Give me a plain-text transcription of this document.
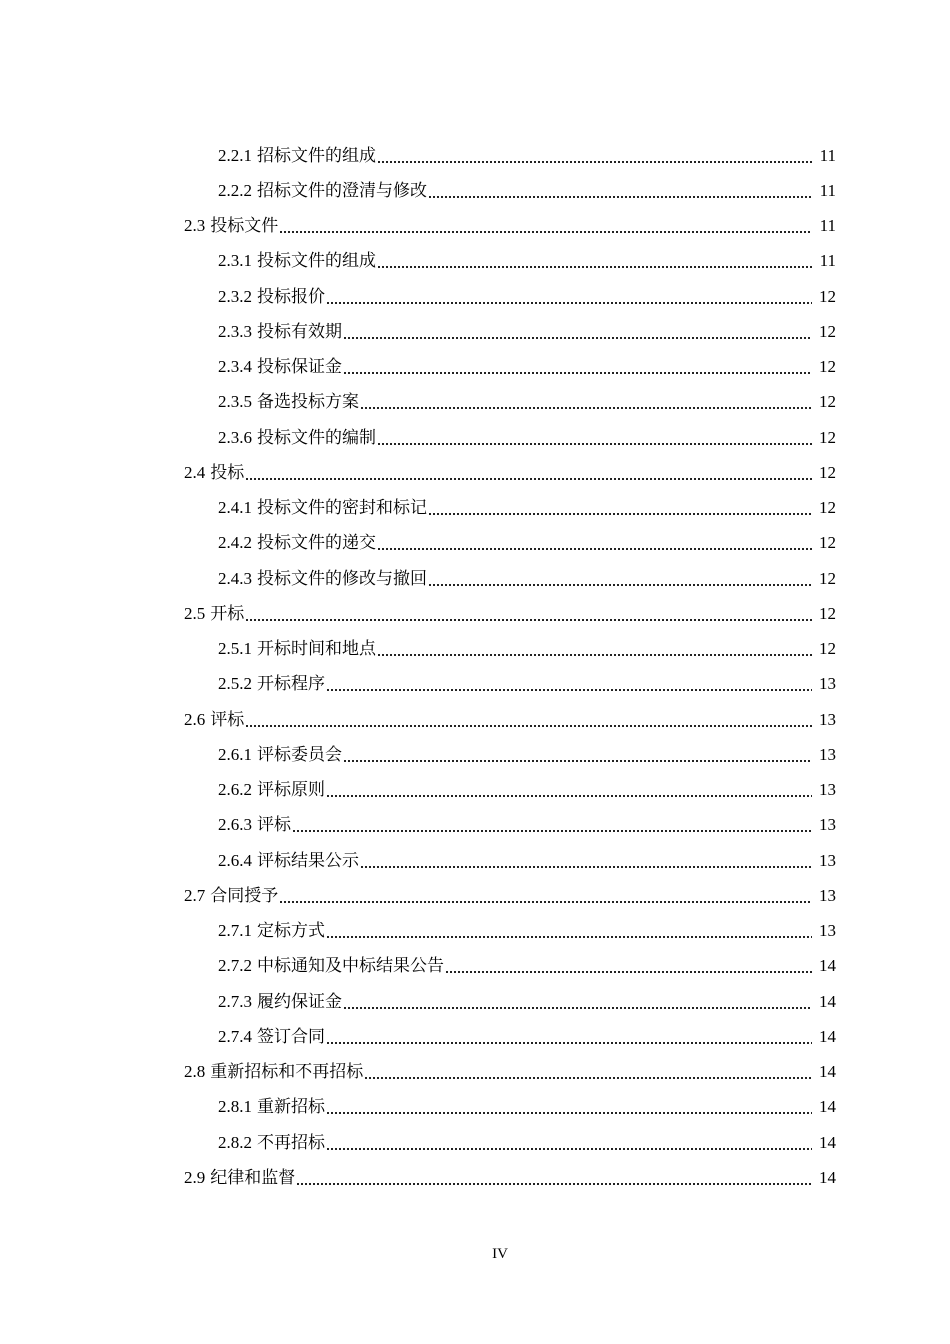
2.2.1 招标文件的组成	11
2.2.2 招标文件的澄清与修改	11
2.3 投标文件	11
2.3.1 投标文件的组成	11
2.3.2 投标报价	12
2.3.3 投标有效期	12
2.3.4 投标保证金	12
2.3.5 备选投标方案	12
2.3.6 投标文件的编制	12
2.4 投标	12
2.4.1 投标文件的密封和标记	12
2.4.2 投标文件的递交	12
2.4.3 投标文件的修改与撤回	12
2.5 开标	12
2.5.1 开标时间和地点	12
2.5.2 开标程序	13
2.6 评标	13
2.6.1 评标委员会	13
2.6.2 评标原则	13
2.6.3 评标	13
2.6.4 评标结果公示	13
2.7 合同授予	13
2.7.1 定标方式	13
2.7.2 中标通知及中标结果公告	14
2.7.3 履约保证金	14
2.7.4 签订合同	14
2.8 重新招标和不再招标	14
2.8.1 重新招标	14
2.8.2 不再招标	14
2.9 纪律和监督	14
IV
